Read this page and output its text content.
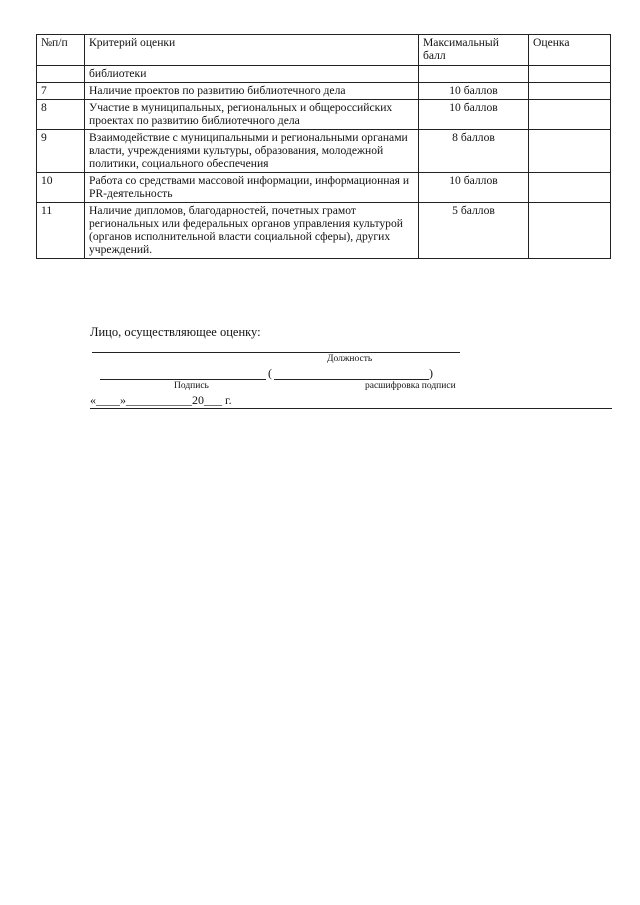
№п/п	Критерий оценки	Максимальный балл	Оценка
	библиотеки		
7	Наличие проектов по развитию библиотечного дела	10 баллов	
8	Участие в муниципальных, региональных и общероссийских проектах по развитию библиотечного дела	10 баллов	
9	Взаимодействие с муниципальными и региональными органами власти, учреждениями культуры, образования, молодежной политики, социального обеспечения	8 баллов	
10	Работа со средствами массовой информации, информационная и PR-деятельность	10 баллов	
11	Наличие дипломов, благодарностей, почетных грамот региональных или федеральных органов управления культурой (органов исполнительной власти социальной сферы), других учреждений.	5 баллов	
Лицо, осуществляющее оценку:
Должность
(	)
Подпись	расшифровка подписи
«____»___________20___ г.
